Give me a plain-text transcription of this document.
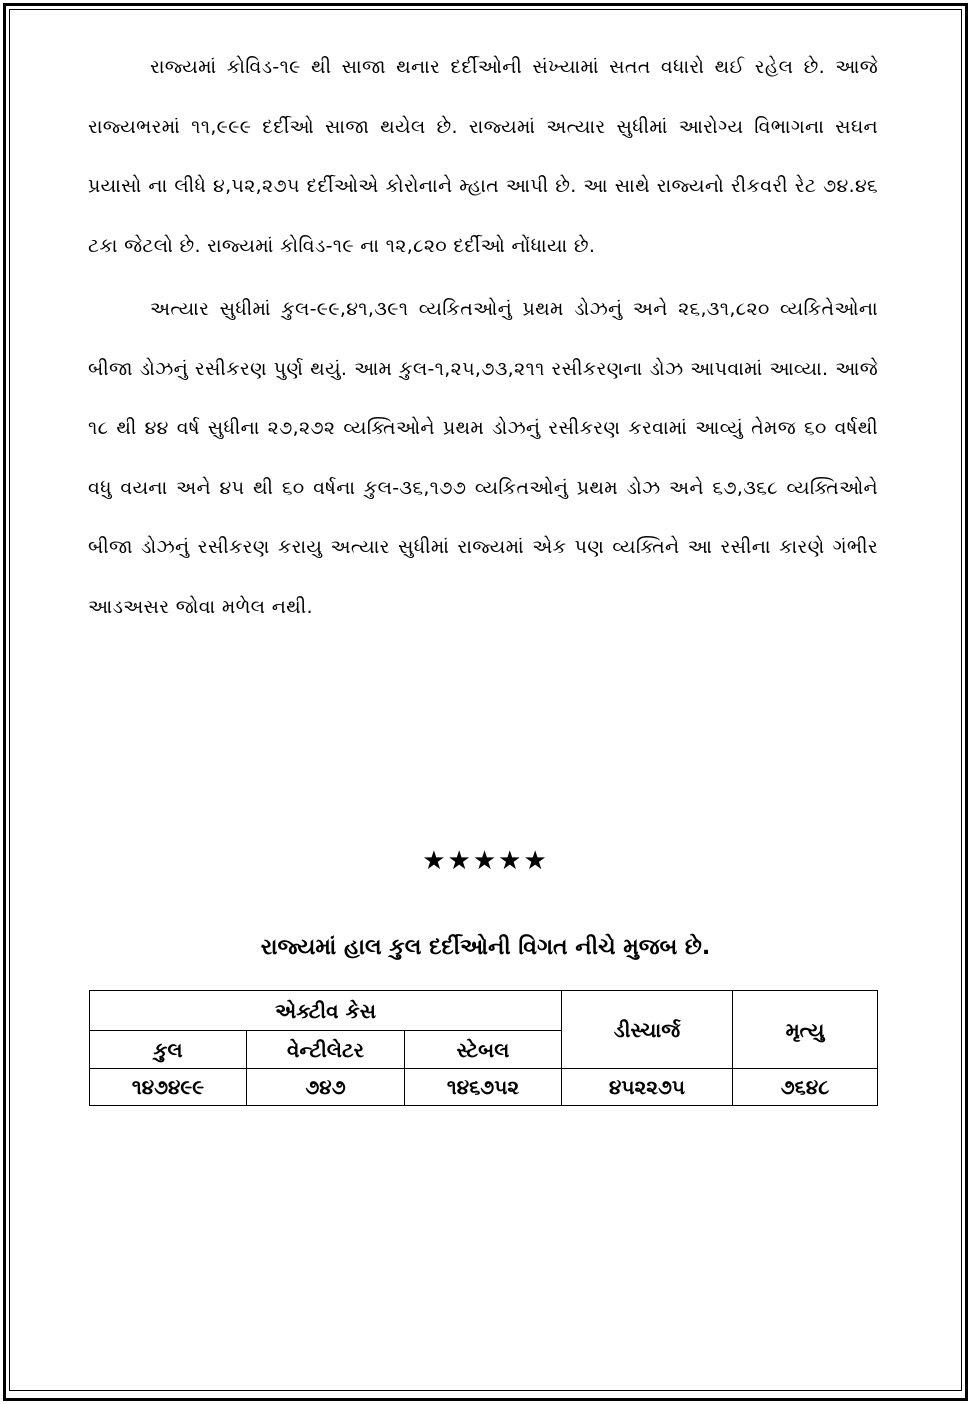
રાજ્યમાં કોવિડ-૧૯ થી સાજા થનાર દર્દીઓની સંખ્યામાં સતત વધારો થઈ રહેલ છે. આજે રાજ્યભરમાં ૧૧,૯૯૯ દર્દીઓ સાજા થયેલ છે. રાજ્યમાં અત્યાર સુધીમાં આરોગ્ય વિભાગના સઘન પ્રયાસો ના લીધે ૪,૫૨,૨૭૫ દર્દીઓએ કોરોનાને મ્હાત આપી છે. આ સાથે રાજ્યનો રીકવરી રેટ ૭૪.૪૬ ટકા જેટલો છે. રાજ્યમાં કોવિડ-૧૯ ના ૧૨,૮૨૦ દર્દીઓ નોંધાયા છે.

અત્યાર સુધીમાં કુલ-૯૯,૪૧,૩૯૧ વ્યકિતઓનું પ્રથમ ડોઝનું અને ૨૬,૩૧,૮૨૦ વ્યકિતેઓના બીજા ડોઝનું રસીકરણ પુર્ણ થયું. આમ કુલ-૧,૨૫,૭૩,૨૧૧ રસીકરણના ડોઝ આપવામાં આવ્યા. આજે ૧૮ થી ૪૪ વર્ષ સુધીના ૨૭,૨૭૨ વ્યક્તિઓને પ્રથમ ડોઝનું રસીકરણ કરવામાં આવ્યું તેમજ ૬૦ વર્ષથી વધુ વયના અને ૪૫ થી ૬૦ વર્ષના કુલ-૩૬,૧૭૭ વ્યકિતઓનું પ્રથમ ડોઝ અને ૬૭,૩૬૮ વ્યક્તિઓને બીજા ડોઝનું રસીકરણ કરાયુ અત્યાર સુધીમાં રાજ્યમાં એક પણ વ્યક્તિને આ રસીના કારણે ગંભીર આડઅસર જોવા મળેલ નથી.

★★★★★
રાજ્યમાં હાલ કુલ દર્દીઓની વિગત નીચે મુજબ છે.
એક્ટીવ કેસ			ડીસ્ચાર્જ	મૃત્યુ
કુલ	વેન્ટીલેટર	સ્ટેબલ		
૧૪૭૪૯૯	૭૪૭	૧૪૬૭૫૨	૪૫૨૨૭૫	૭૬૪૮
